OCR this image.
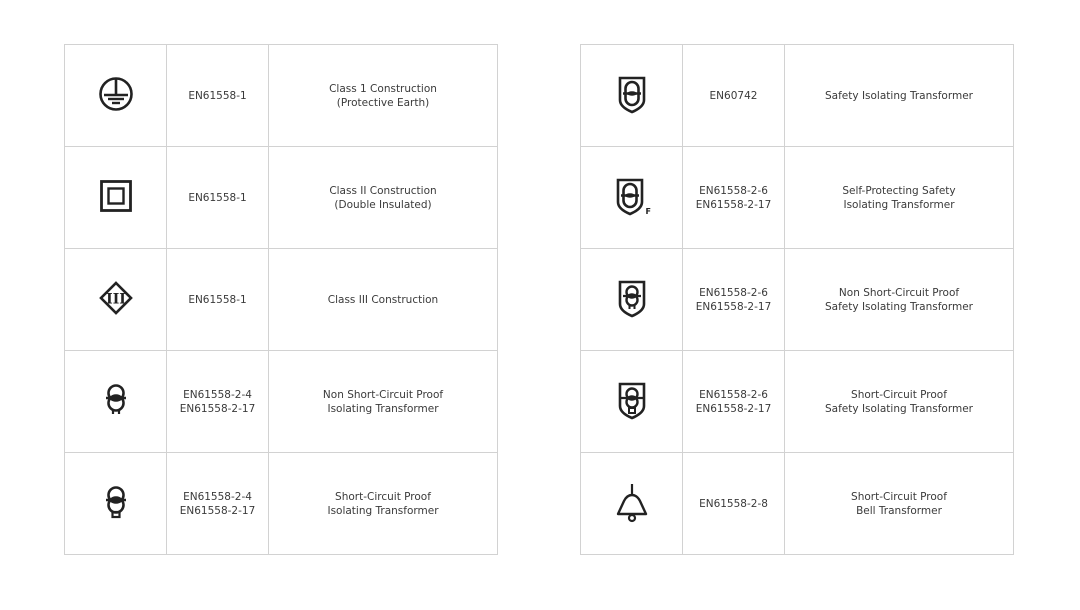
EN61558-1	Class 1 Construction
(Protective Earth)

EN61558-1	Class II Construction
(Double Insulated)

III	EN61558-1	Class III Construction

EN61558-2-4
EN61558-2-17	Non Short-Circuit Proof
Isolating Transformer

EN61558-2-4
EN61558-2-17	Short-Circuit Proof
Isolating Transformer

EN60742	Safety Isolating Transformer

F	EN61558-2-6
EN61558-2-17	Self-Protecting Safety
Isolating Transformer

EN61558-2-6
EN61558-2-17	Non Short-Circuit Proof
Safety Isolating Transformer

EN61558-2-6
EN61558-2-17	Short-Circuit Proof
Safety Isolating Transformer

EN61558-2-8	Short-Circuit Proof
Bell Transformer
